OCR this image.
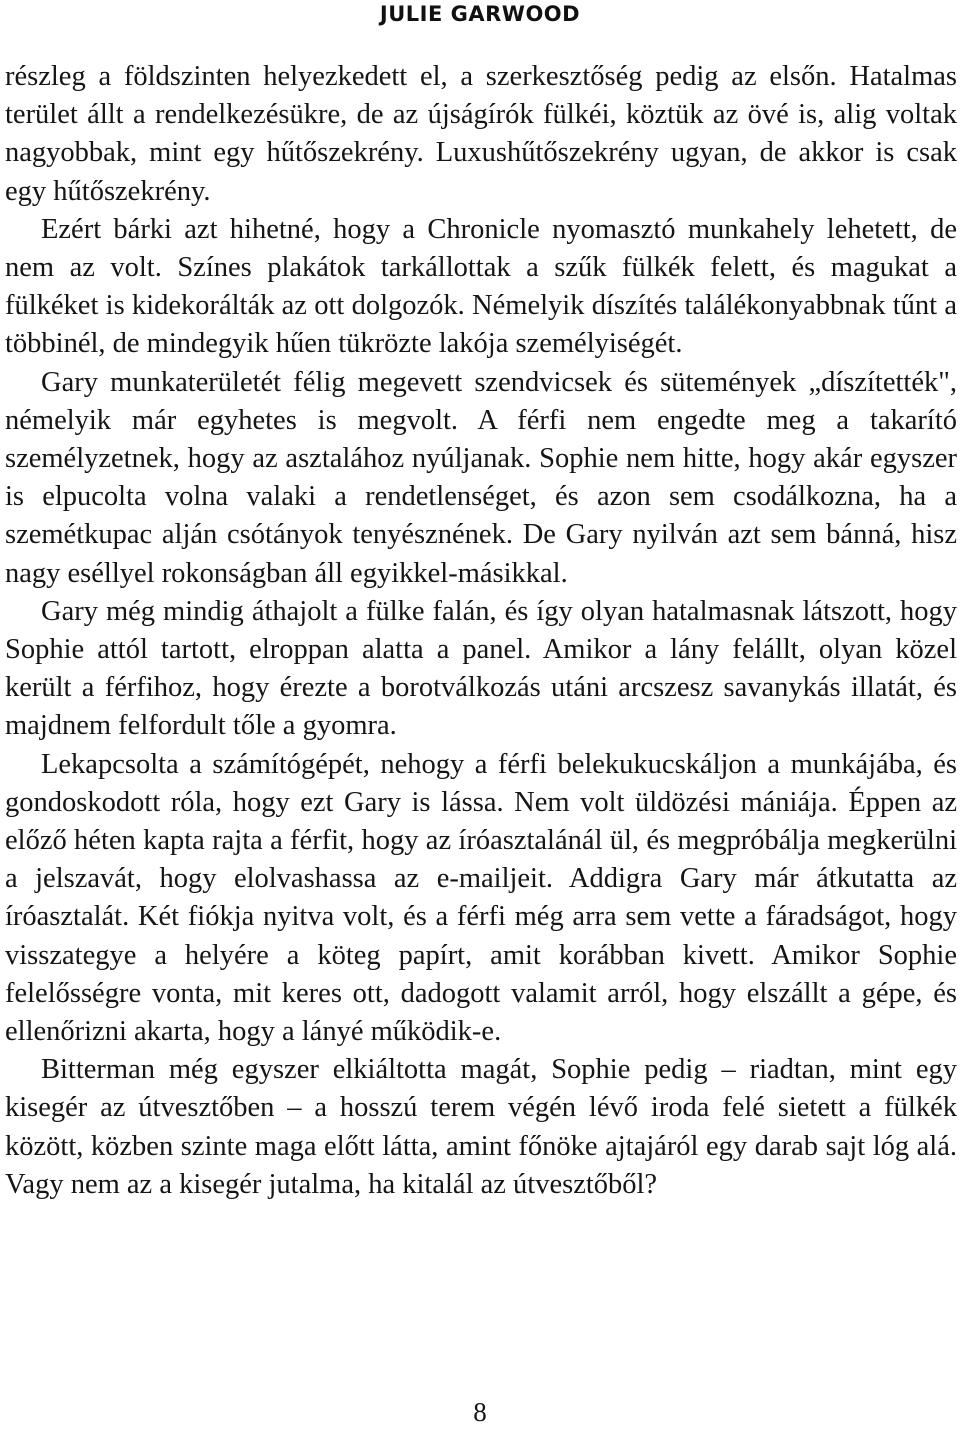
JULIE GARWOOD

részleg a földszinten helyezkedett el, a szerkesztőség pedig az elsőn. Hatalmas terület állt a rendelkezésükre, de az újságírók fülkéi, köztük az övé is, alig voltak nagyobbak, mint egy hűtőszekrény. Luxushűtőszekrény ugyan, de akkor is csak egy hűtőszekrény.

Ezért bárki azt hihetné, hogy a Chronicle nyomasztó munkahely lehetett, de nem az volt. Színes plakátok tarkállottak a szűk fülkék felett, és magukat a fülkéket is kidekorálták az ott dolgozók. Némelyik díszítés találékonyabbnak tűnt a többinél, de mindegyik hűen tükrözte lakója személyiségét.

Gary munkaterületét félig megevett szendvicsek és sütemények „díszítették", némelyik már egyhetes is megvolt. A férfi nem engedte meg a takarító személyzetnek, hogy az asztalához nyúljanak. Sophie nem hitte, hogy akár egyszer is elpucolta volna valaki a rendetlenséget, és azon sem csodálkozna, ha a szemétkupac alján csótányok tenyésznének. De Gary nyilván azt sem bánná, hisz nagy eséllyel rokonságban áll egyikkel-másikkal.

Gary még mindig áthajolt a fülke falán, és így olyan hatalmasnak látszott, hogy Sophie attól tartott, elroppan alatta a panel. Amikor a lány felállt, olyan közel került a férfihoz, hogy érezte a borotválkozás utáni arcszesz savanykás illatát, és majdnem felfordult tőle a gyomra.

Lekapcsolta a számítógépét, nehogy a férfi belekukucskáljon a munkájába, és gondoskodott róla, hogy ezt Gary is lássa. Nem volt üldözési mániája. Éppen az előző héten kapta rajta a férfit, hogy az íróasztalánál ül, és megpróbálja megkerülni a jelszavát, hogy elolvashassa az e-mailjeit. Addigra Gary már átkutatta az íróasztalát. Két fiókja nyitva volt, és a férfi még arra sem vette a fáradságot, hogy visszategye a helyére a köteg papírt, amit korábban kivett. Amikor Sophie felelősségre vonta, mit keres ott, dadogott valamit arról, hogy elszállt a gépe, és ellenőrizni akarta, hogy a lányé működik-e.

Bitterman még egyszer elkiáltotta magát, Sophie pedig – riadtan, mint egy kisegér az útvesztőben – a hosszú terem végén lévő iroda felé sietett a fülkék között, közben szinte maga előtt látta, amint főnöke ajtajáról egy darab sajt lóg alá. Vagy nem az a kisegér jutalma, ha kitalál az útvesztőből?

8
